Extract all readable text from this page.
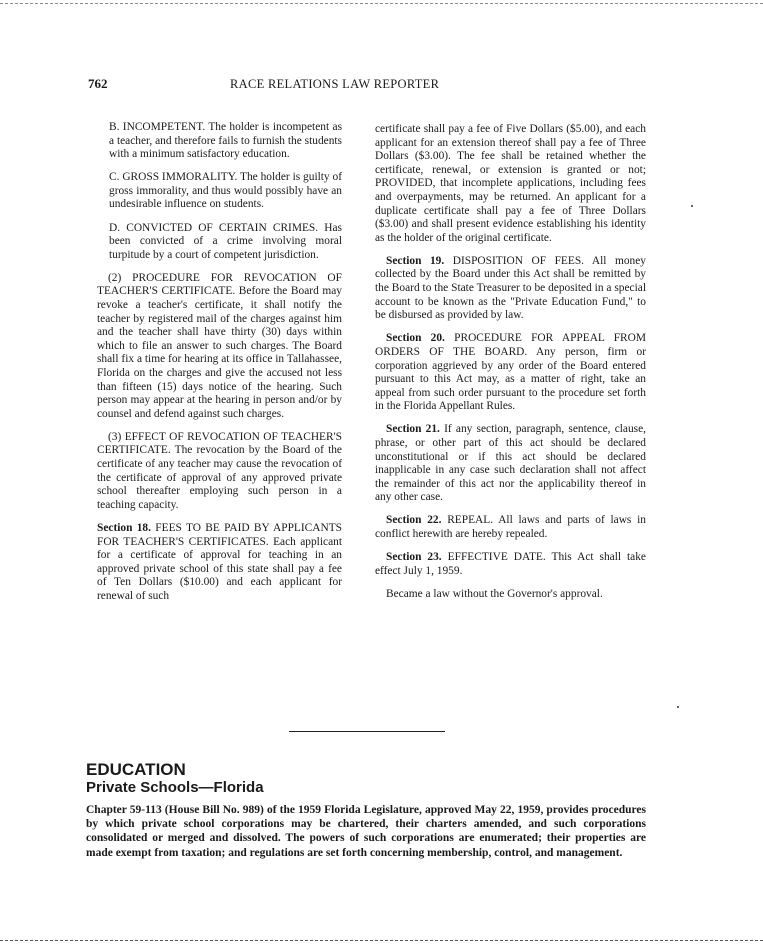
762	RACE RELATIONS LAW REPORTER

B. INCOMPETENT. The holder is incompetent as a teacher, and therefore fails to furnish the students with a minimum satisfactory education.

C. GROSS IMMORALITY. The holder is guilty of gross immorality, and thus would possibly have an undesirable influence on students.

D. CONVICTED OF CERTAIN CRIMES. Has been convicted of a crime involving moral turpitude by a court of competent jurisdiction.

(2) PROCEDURE FOR REVOCATION OF TEACHER'S CERTIFICATE. Before the Board may revoke a teacher's certificate, it shall notify the teacher by registered mail of the charges against him and the teacher shall have thirty (30) days within which to file an answer to such charges. The Board shall fix a time for hearing at its office in Tallahassee, Florida on the charges and give the accused not less than fifteen (15) days notice of the hearing. Such person may appear at the hearing in person and/or by counsel and defend against such charges.

(3) EFFECT OF REVOCATION OF TEACHER'S CERTIFICATE. The revocation by the Board of the certificate of any teacher may cause the revocation of the certificate of approval of any approved private school thereafter employing such person in a teaching capacity.

Section 18. FEES TO BE PAID BY APPLICANTS FOR TEACHER'S CERTIFICATES. Each applicant for a certificate of approval for teaching in an approved private school of this state shall pay a fee of Ten Dollars ($10.00) and each applicant for renewal of such

certificate shall pay a fee of Five Dollars ($5.00), and each applicant for an extension thereof shall pay a fee of Three Dollars ($3.00). The fee shall be retained whether the certificate, renewal, or extension is granted or not; PROVIDED, that incomplete applications, including fees and overpayments, may be returned. An applicant for a duplicate certificate shall pay a fee of Three Dollars ($3.00) and shall present evidence establishing his identity as the holder of the original certificate.

Section 19. DISPOSITION OF FEES. All money collected by the Board under this Act shall be remitted by the Board to the State Treasurer to be deposited in a special account to be known as the "Private Education Fund," to be disbursed as provided by law.

Section 20. PROCEDURE FOR APPEAL FROM ORDERS OF THE BOARD. Any person, firm or corporation aggrieved by any order of the Board entered pursuant to this Act may, as a matter of right, take an appeal from such order pursuant to the procedure set forth in the Florida Appellant Rules.

Section 21. If any section, paragraph, sentence, clause, phrase, or other part of this act should be declared unconstitutional or if this act should be declared inapplicable in any case such declaration shall not affect the remainder of this act nor the applicability thereof in any other case.

Section 22. REPEAL. All laws and parts of laws in conflict herewith are hereby repealed.

Section 23. EFFECTIVE DATE. This Act shall take effect July 1, 1959.

Became a law without the Governor's approval.

EDUCATION
Private Schools—Florida
Chapter 59-113 (House Bill No. 989) of the 1959 Florida Legislature, approved May 22, 1959, provides procedures by which private school corporations may be chartered, their charters amended, and such corporations consolidated or merged and dissolved. The powers of such corporations are enumerated; their properties are made exempt from taxation; and regulations are set forth concerning membership, control, and management.
